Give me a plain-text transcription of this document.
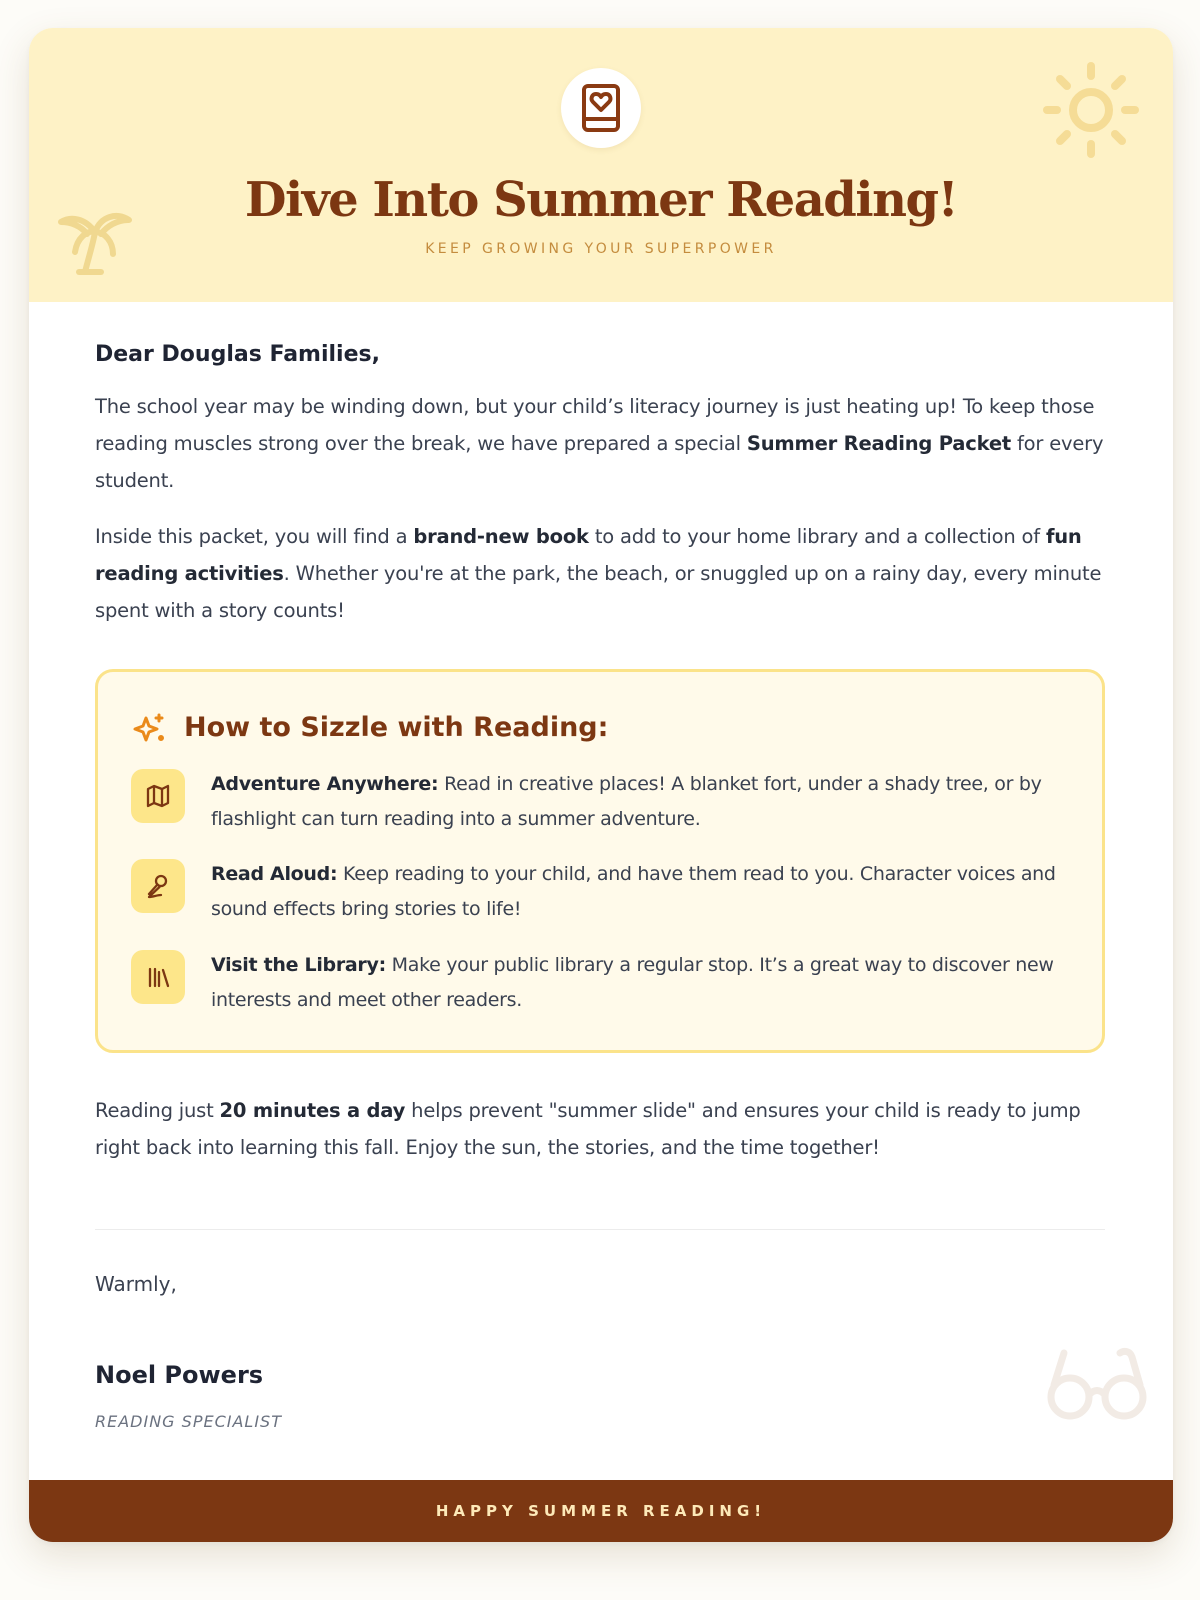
Dive Into Summer Reading!
KEEP GROWING YOUR SUPERPOWER
Dear Douglas Families,

The school year may be winding down, but your child’s literacy journey is just heating up! To keep those reading muscles strong over the break, we have prepared a special Summer Reading Packet for every student.

Inside this packet, you will find a brand-new book to add to your home library and a collection of fun reading activities. Whether you're at the park, the beach, or snuggled up on a rainy day, every minute spent with a story counts!

How to Sizzle with Reading:

Adventure Anywhere: Read in creative places! A blanket fort, under a shady tree, or by flashlight can turn reading into a summer adventure.

Read Aloud: Keep reading to your child, and have them read to you. Character voices and sound effects bring stories to life!

Visit the Library: Make your public library a regular stop. It’s a great way to discover new interests and meet other readers.

Reading just 20 minutes a day helps prevent "summer slide" and ensures your child is ready to jump right back into learning this fall. Enjoy the sun, the stories, and the time together!

Warmly,
Noel Powers
READING SPECIALIST
HAPPY SUMMER READING!
